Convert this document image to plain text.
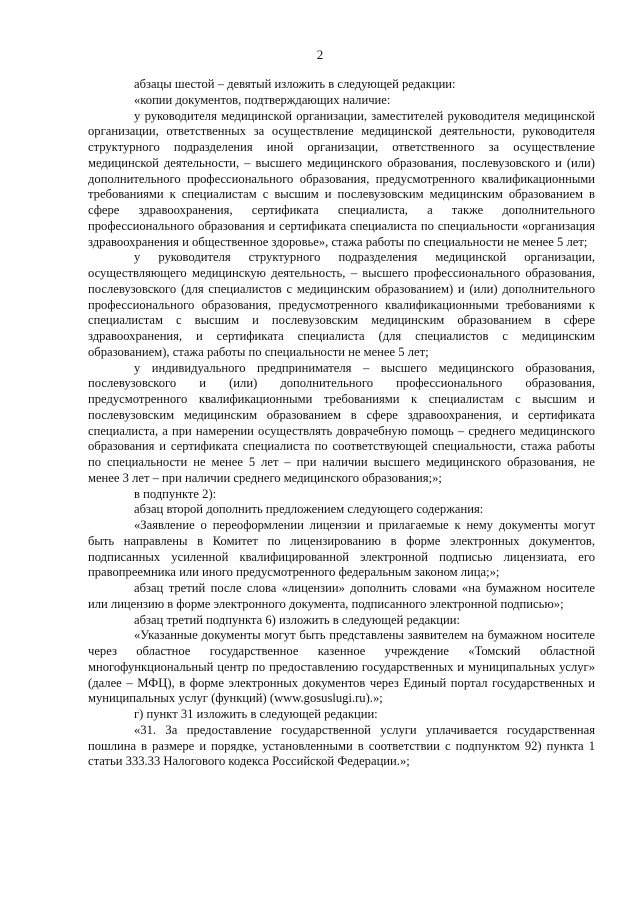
2

абзацы шестой – девятый изложить в следующей редакции:

«копии документов, подтверждающих наличие:

у руководителя медицинской организации, заместителей руководителя медицинской организации, ответственных за осуществление медицинской деятельности, руководителя структурного подразделения иной организации, ответственного за осуществление медицинской деятельности, – высшего медицинского образования, послевузовского и (или) дополнительного профессионального образования, предусмотренного квалификационными требованиями к специалистам с высшим и послевузовским медицинским образованием в сфере здравоохранения, сертификата специалиста, а также дополнительного профессионального образования и сертификата специалиста по специальности «организация здравоохранения и общественное здоровье», стажа работы по специальности не менее 5 лет;

у руководителя структурного подразделения медицинской организации, осуществляющего медицинскую деятельность, – высшего профессионального образования, послевузовского (для специалистов с медицинским образованием) и (или) дополнительного профессионального образования, предусмотренного квалификационными требованиями к специалистам с высшим и послевузовским медицинским образованием в сфере здравоохранения, и сертификата специалиста (для специалистов с медицинским образованием), стажа работы по специальности не менее 5 лет;

у индивидуального предпринимателя – высшего медицинского образования, послевузовского и (или) дополнительного профессионального образования, предусмотренного квалификационными требованиями к специалистам с высшим и послевузовским медицинским образованием в сфере здравоохранения, и сертификата специалиста, а при намерении осуществлять доврачебную помощь – среднего медицинского образования и сертификата специалиста по соответствующей специальности, стажа работы по специальности не менее 5 лет – при наличии высшего медицинского образования, не менее 3 лет – при наличии среднего медицинского образования;»;

в подпункте 2):

абзац второй дополнить предложением следующего содержания:

«Заявление о переоформлении лицензии и прилагаемые к нему документы могут быть направлены в Комитет по лицензированию в форме электронных документов, подписанных усиленной квалифицированной электронной подписью лицензиата, его правопреемника или иного предусмотренного федеральным законом лица;»;

абзац третий после слова «лицензии» дополнить словами «на бумажном носителе или лицензию в форме электронного документа, подписанного электронной подписью»;

абзац третий подпункта 6) изложить в следующей редакции:

«Указанные документы могут быть представлены заявителем на бумажном носителе через областное государственное казенное учреждение «Томский областной многофункциональный центр по предоставлению государственных и муниципальных услуг» (далее – МФЦ), в форме электронных документов через Единый портал государственных и муниципальных услуг (функций) (www.gosuslugi.ru).»;

г) пункт 31 изложить в следующей редакции:

«31. За предоставление государственной услуги уплачивается государственная пошлина в размере и порядке, установленными в соответствии с подпунктом 92) пункта 1 статьи 333.33 Налогового кодекса Российской Федерации.»;
